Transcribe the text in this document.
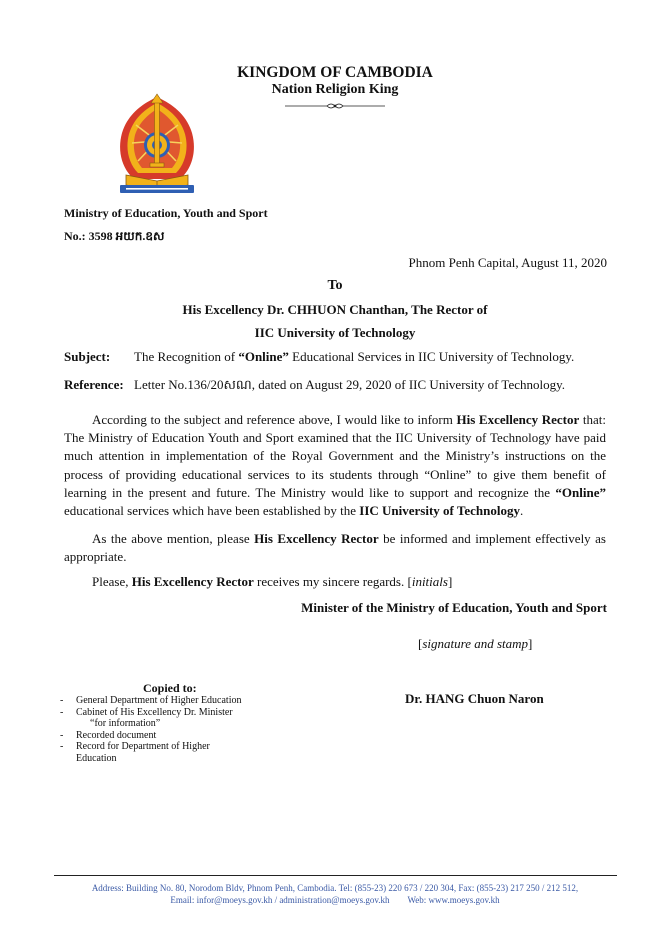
KINGDOM OF CAMBODIA
Nation Religion King
Ministry of Education, Youth and Sport
No.: 3598 អយក.ឧស
Phnom Penh Capital, August 11, 2020
To
His Excellency Dr. CHHUON Chanthan, The Rector of
IIC University of Technology
Subject: The Recognition of “Online” Educational Services in IIC University of Technology.
Reference: Letter No.136/20សណ, dated on August 29, 2020 of IIC University of Technology.
According to the subject and reference above, I would like to inform His Excellency Rector that: The Ministry of Education Youth and Sport examined that the IIC University of Technology have paid much attention in implementation of the Royal Government and the Ministry’s instructions on the process of providing educational services to its students through “Online” to give them benefit of learning in the present and future. The Ministry would like to support and recognize the “Online” educational services which have been established by the IIC University of Technology.
As the above mention, please His Excellency Rector be informed and implement effectively as appropriate.
Please, His Excellency Rector receives my sincere regards. [initials]
Minister of the Ministry of Education, Youth and Sport
[signature and stamp]
Dr. HANG Chuon Naron
Copied to:
-	General Department of Higher Education
-	Cabinet of His Excellency Dr. Minister
“for information”
-	Recorded document
-	Record for Department of Higher Education
Address: Building No. 80, Norodom Bldv, Phnom Penh, Cambodia. Tel: (855-23) 220 673 / 220 304, Fax: (855-23) 217 250 / 212 512,
Email: infor@moeys.gov.kh / administration@moeys.gov.kh Web: www.moeys.gov.kh
